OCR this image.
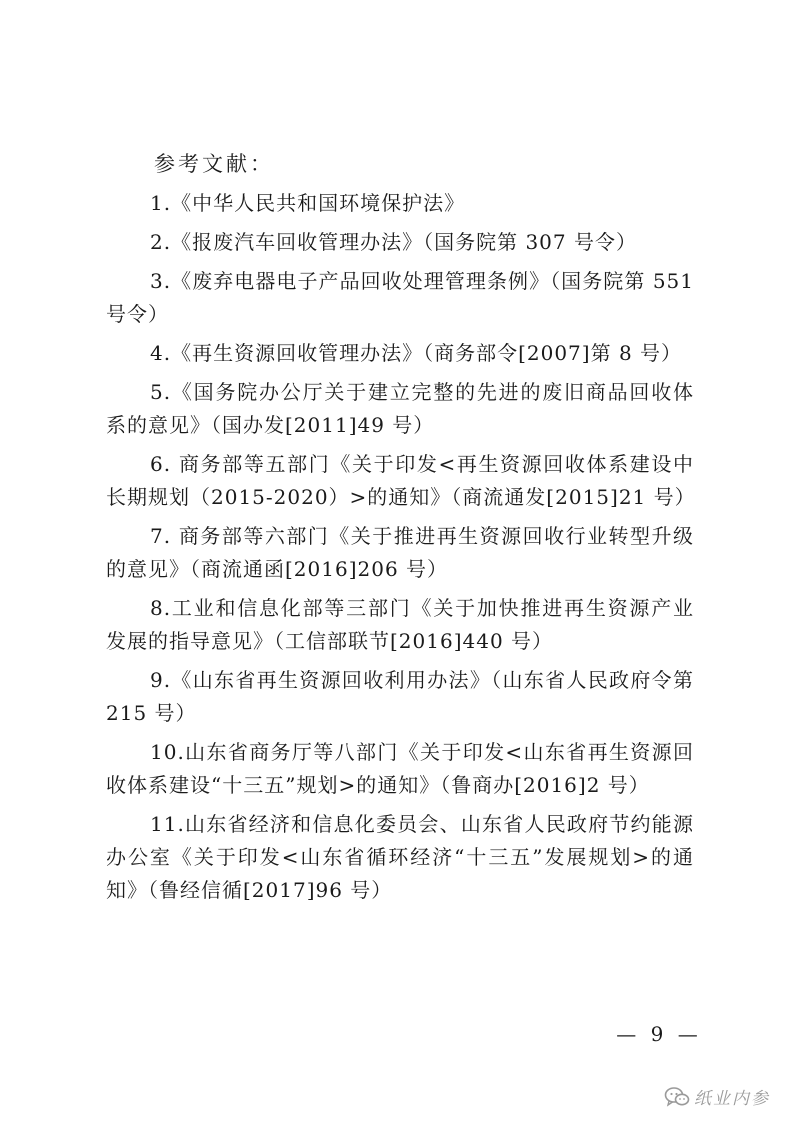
参考文献：

1.《中华人民共和国环境保护法》

2.《报废汽车回收管理办法》（国务院第 307 号令）

3.《废弃电器电子产品回收处理管理条例》（国务院第 551 号令）

4.《再生资源回收管理办法》（商务部令[2007]第 8 号）

5.《国务院办公厅关于建立完整的先进的废旧商品回收体系的意见》（国办发[2011]49 号）

6. 商务部等五部门《关于印发<再生资源回收体系建设中长期规划（2015-2020）>的通知》（商流通发[2015]21 号）

7. 商务部等六部门《关于推进再生资源回收行业转型升级的意见》（商流通函[2016]206 号）

8.工业和信息化部等三部门《关于加快推进再生资源产业发展的指导意见》（工信部联节[2016]440 号）

9.《山东省再生资源回收利用办法》（山东省人民政府令第 215 号）

10.山东省商务厅等八部门《关于印发<山东省再生资源回收体系建设“十三五”规划>的通知》（鲁商办[2016]2 号）

11.山东省经济和信息化委员会、山东省人民政府节约能源办公室《关于印发<山东省循环经济“十三五”发展规划>的通知》（鲁经信循[2017]96 号）

— 9 —
纸业内参
